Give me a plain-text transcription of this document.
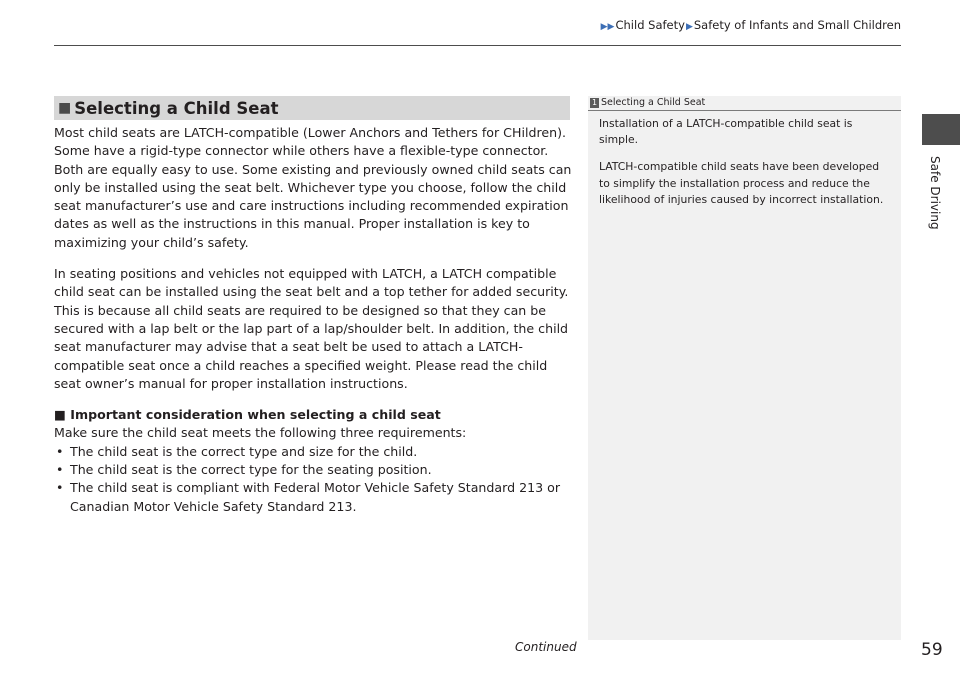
▶▶Child Safety▶Safety of Infants and Small Children
■ Selecting a Child Seat

Most child seats are LATCH-compatible (Lower Anchors and Tethers for CHildren). Some have a rigid-type connector while others have a flexible-type connector. Both are equally easy to use. Some existing and previously owned child seats can only be installed using the seat belt. Whichever type you choose, follow the child seat manufacturer’s use and care instructions including recommended expiration dates as well as the instructions in this manual. Proper installation is key to maximizing your child’s safety.

In seating positions and vehicles not equipped with LATCH, a LATCH compatible child seat can be installed using the seat belt and a top tether for added security. This is because all child seats are required to be designed so that they can be secured with a lap belt or the lap part of a lap/shoulder belt. In addition, the child seat manufacturer may advise that a seat belt be used to attach a LATCH-compatible seat once a child reaches a specified weight. Please read the child seat owner’s manual for proper installation instructions.

■ Important consideration when selecting a child seat
Make sure the child seat meets the following three requirements:
• The child seat is the correct type and size for the child.
• The child seat is the correct type for the seating position.
• The child seat is compliant with Federal Motor Vehicle Safety Standard 213 or Canadian Motor Vehicle Safety Standard 213.
1 Selecting a Child Seat

Installation of a LATCH-compatible child seat is simple.

LATCH-compatible child seats have been developed to simplify the installation process and reduce the likelihood of injuries caused by incorrect installation.	Safe Driving
Continued	59
